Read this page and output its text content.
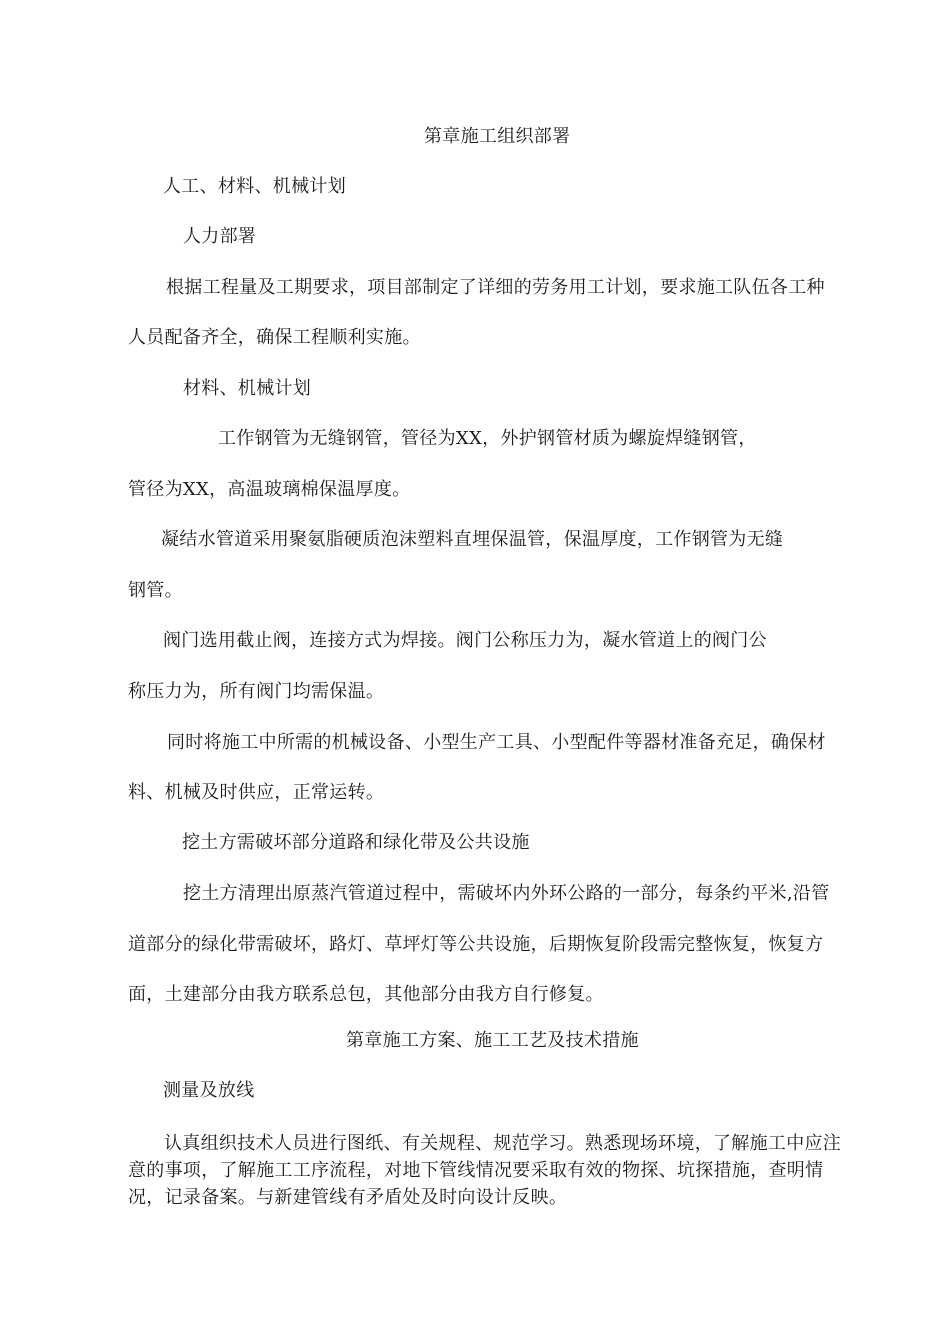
第章施工组织部署
人工、材料、机械计划
人力部署
根据工程量及工期要求，项目部制定了详细的劳务用工计划，要求施工队伍各工种
人员配备齐全，确保工程顺利实施。
材料、机械计划
工作钢管为无缝钢管，管径为XX，外护钢管材质为螺旋焊缝钢管，
管径为XX，高温玻璃棉保温厚度。
凝结水管道采用聚氨脂硬质泡沫塑料直埋保温管，保温厚度，工作钢管为无缝
钢管。
阀门选用截止阀，连接方式为焊接。阀门公称压力为，凝水管道上的阀门公
称压力为，所有阀门均需保温。
同时将施工中所需的机械设备、小型生产工具、小型配件等器材准备充足，确保材
料、机械及时供应，正常运转。
挖土方需破坏部分道路和绿化带及公共设施
挖土方清理出原蒸汽管道过程中，需破坏内外环公路的一部分，每条约平米,沿管
道部分的绿化带需破坏，路灯、草坪灯等公共设施，后期恢复阶段需完整恢复，恢复方
面，土建部分由我方联系总包，其他部分由我方自行修复。
第章施工方案、施工工艺及技术措施
测量及放线
认真组织技术人员进行图纸、有关规程、规范学习。熟悉现场环境，了解施工中应注意的事项，了解施工工序流程，对地下管线情况要采取有效的物探、坑探措施，查明情况，记录备案。与新建管线有矛盾处及时向设计反映。
